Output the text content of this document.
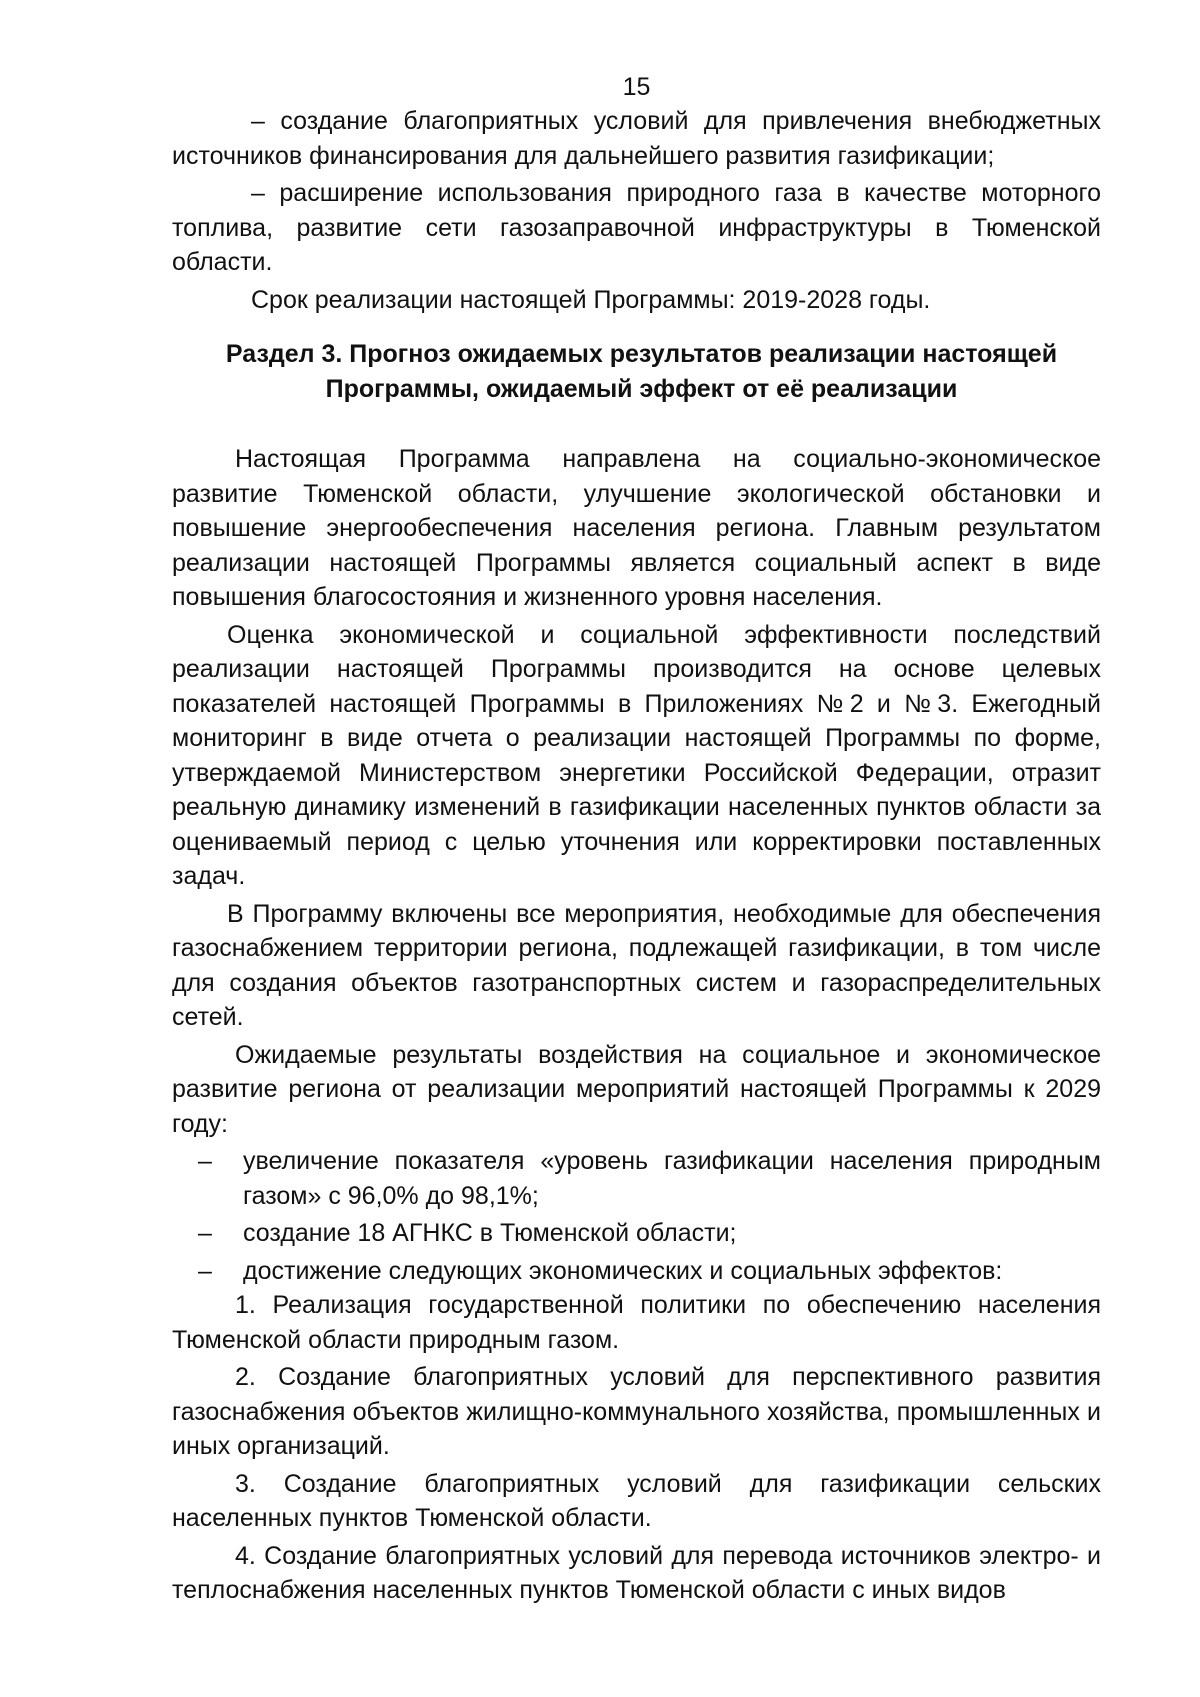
15

– создание благоприятных условий для привлечения внебюджетных источников финансирования для дальнейшего развития газификации;

– расширение использования природного газа в качестве моторного топлива, развитие сети газозаправочной инфраструктуры в Тюменской области.

Срок реализации настоящей Программы: 2019-2028 годы.

Раздел 3. Прогноз ожидаемых результатов реализации настоящей
Программы, ожидаемый эффект от её реализации

Настоящая Программа направлена на социально-экономическое развитие Тюменской области, улучшение экологической обстановки и повышение энергообеспечения населения региона. Главным результатом реализации настоящей Программы является социальный аспект в виде повышения благосостояния и жизненного уровня населения.

Оценка экономической и социальной эффективности последствий реализации настоящей Программы производится на основе целевых показателей настоящей Программы в Приложениях №2 и №3. Ежегодный мониторинг в виде отчета о реализации настоящей Программы по форме, утверждаемой Министерством энергетики Российской Федерации, отразит реальную динамику изменений в газификации населенных пунктов области за оцениваемый период с целью уточнения или корректировки поставленных задач.

В Программу включены все мероприятия, необходимые для обеспечения газоснабжением территории региона, подлежащей газификации, в том числе для создания объектов газотранспортных систем и газораспределительных сетей.

Ожидаемые результаты воздействия на социальное и экономическое развитие региона от реализации мероприятий настоящей Программы к 2029 году:

– увеличение показателя «уровень газификации населения природным газом» с 96,0% до 98,1%;
– создание 18 АГНКС в Тюменской области;
– достижение следующих экономических и социальных эффектов:

1. Реализация государственной политики по обеспечению населения Тюменской области природным газом.

2. Создание благоприятных условий для перспективного развития газоснабжения объектов жилищно-коммунального хозяйства, промышленных и иных организаций.

3. Создание благоприятных условий для газификации сельских населенных пунктов Тюменской области.

4. Создание благоприятных условий для перевода источников электро- и теплоснабжения населенных пунктов Тюменской области с иных видов
